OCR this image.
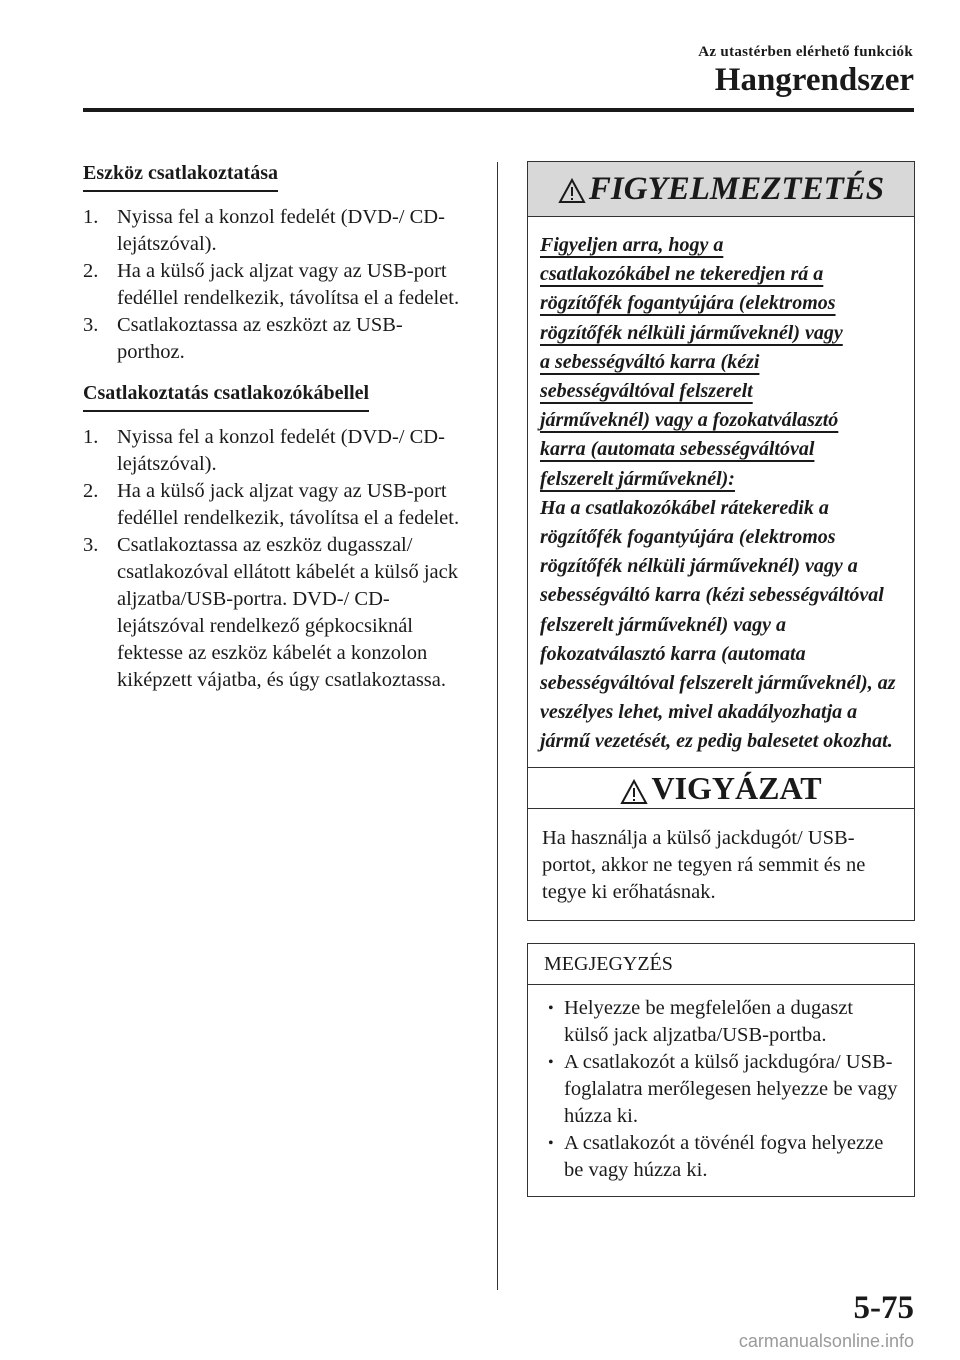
Az utastérben elérhető funkciók
Hangrendszer
Eszköz csatlakoztatása
1. Nyissa fel a konzol fedelét (DVD-/ CD-lejátszóval).
2. Ha a külső jack aljzat vagy az USB-port fedéllel rendelkezik, távolítsa el a fedelet.
3. Csatlakoztassa az eszközt az USB-porthoz.
Csatlakoztatás csatlakozókábellel
1. Nyissa fel a konzol fedelét (DVD-/ CD-lejátszóval).
2. Ha a külső jack aljzat vagy az USB-port fedéllel rendelkezik, távolítsa el a fedelet.
3. Csatlakoztassa az eszköz dugasszal/ csatlakozóval ellátott kábelét a külső jack aljzatba/USB-portra. DVD-/ CD-lejátszóval rendelkező gépkocsiknál fektesse az eszköz kábelét a konzolon kiképzett vájatba, és úgy csatlakoztassa.
FIGYELMEZTETÉS
Figyeljen arra, hogy a
csatlakozókábel ne tekeredjen rá a
rögzítőfék fogantyújára (elektromos
rögzítőfék nélküli járműveknél) vagy
a sebességváltó karra (kézi
sebességváltóval felszerelt
járműveknél) vagy a fozokatválasztó
karra (automata sebességváltóval
felszerelt járműveknél):
Ha a csatlakozókábel rátekeredik a rögzítőfék fogantyújára (elektromos rögzítőfék nélküli járműveknél) vagy a sebességváltó karra (kézi sebességváltóval felszerelt járműveknél) vagy a fokozatválasztó karra (automata sebességváltóval felszerelt járműveknél), az veszélyes lehet, mivel akadályozhatja a jármű vezetését, ez pedig balesetet okozhat.
VIGYÁZAT
Ha használja a külső jackdugót/ USB-portot, akkor ne tegyen rá semmit és ne tegye ki erőhatásnak.
MEGJEGYZÉS
• Helyezze be megfelelően a dugaszt külső jack aljzatba/USB-portba.
• A csatlakozót a külső jackdugóra/ USB-foglalatra merőlegesen helyezze be vagy húzza ki.
• A csatlakozót a tövénél fogva helyezze be vagy húzza ki.
5-75
carmanualsonline.info
